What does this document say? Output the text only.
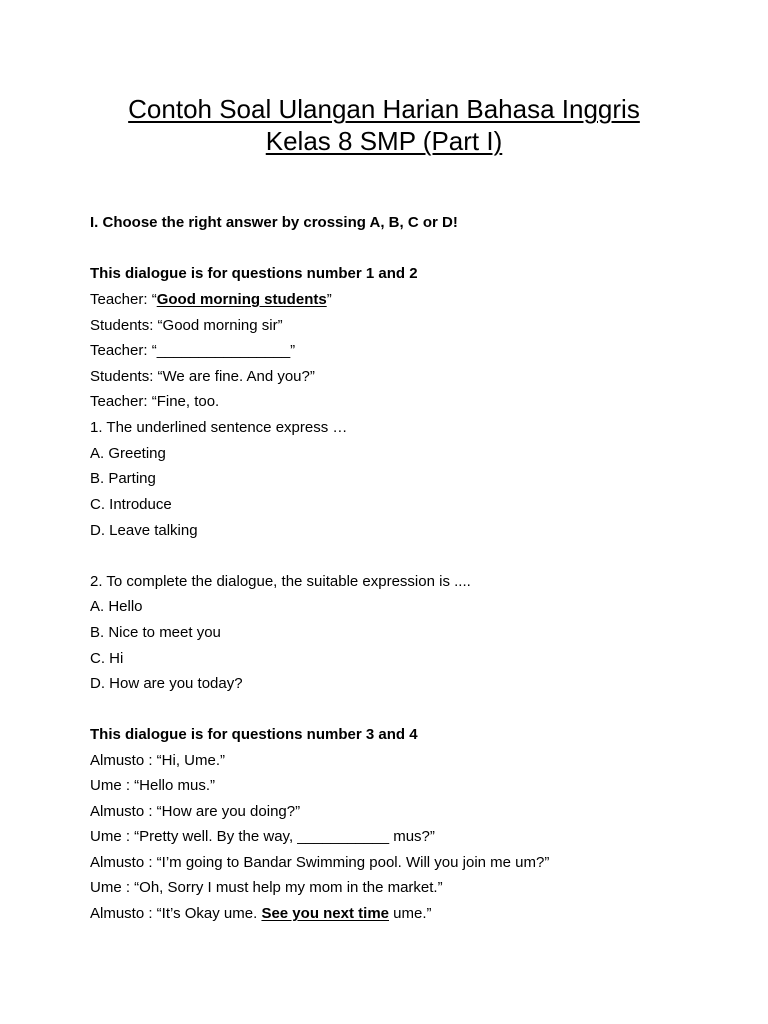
Contoh Soal Ulangan Harian Bahasa Inggris
Kelas 8 SMP (Part I)
I. Choose the right answer by crossing A, B, C or D!
This dialogue is for questions number 1 and 2
Teacher: “Good morning students”
Students: “Good morning sir”
Teacher: “________________”
Students: “We are fine. And you?”
Teacher: “Fine, too.
1. The underlined sentence express …
A. Greeting
B. Parting
C. Introduce
D. Leave talking
2. To complete the dialogue, the suitable expression is ....
A. Hello
B. Nice to meet you
C. Hi
D. How are you today?
This dialogue is for questions number 3 and 4
Almusto : “Hi, Ume.”
Ume : “Hello mus.”
Almusto : “How are you doing?”
Ume : “Pretty well. By the way, ___________ mus?”
Almusto : “I’m going to Bandar Swimming pool. Will you join me um?”
Ume : “Oh, Sorry I must help my mom in the market.”
Almusto : “It’s Okay ume. See you next time ume.”
